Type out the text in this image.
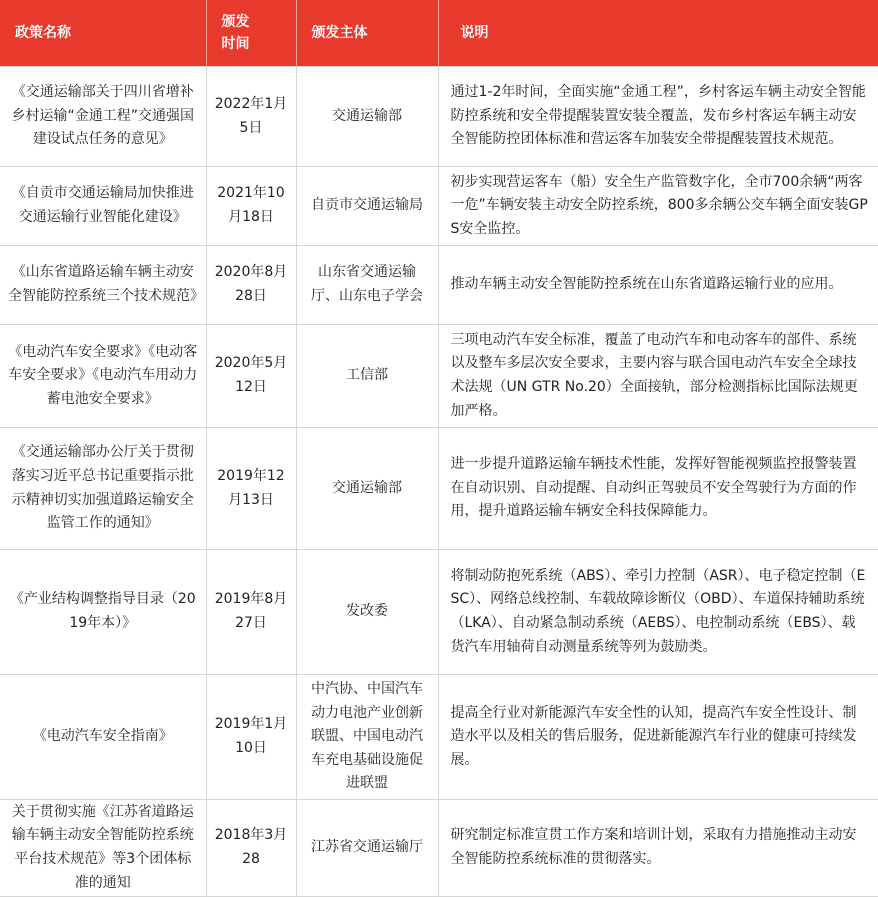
政策名称	颁发时间	颁发主体	说明
《交通运输部关于四川省增补乡村运输“金通工程”交通强国建设试点任务的意见》	2022年1月5日	交通运输部	通过1-2年时间，全面实施“金通工程”，乡村客运车辆主动安全智能防控系统和安全带提醒装置安装全覆盖，发布乡村客运车辆主动安全智能防控团体标准和营运客车加装安全带提醒装置技术规范。
《自贡市交通运输局加快推进交通运输行业智能化建设》	2021年10月18日	自贡市交通运输局	初步实现营运客车（船）安全生产监管数字化，全市700余辆“两客一危”车辆安装主动安全防控系统，800多余辆公交车辆全面安装GPS安全监控。
《山东省道路运输车辆主动安全智能防控系统三个技术规范》	2020年8月28日	山东省交通运输厅、山东电子学会	推动车辆主动安全智能防控系统在山东省道路运输行业的应用。
《电动汽车安全要求》《电动客车安全要求》《电动汽车用动力蓄电池安全要求》	2020年5月12日	工信部	三项电动汽车安全标准，覆盖了电动汽车和电动客车的部件、系统以及整车多层次安全要求，主要内容与联合国电动汽车安全全球技术法规（UN GTR No.20）全面接轨，部分检测指标比国际法规更加严格。
《交通运输部办公厅关于贯彻落实习近平总书记重要指示批示精神切实加强道路运输安全监管工作的通知》	2019年12月13日	交通运输部	进一步提升道路运输车辆技术性能，发挥好智能视频监控报警装置在自动识别、自动提醒、自动纠正驾驶员不安全驾驶行为方面的作用，提升道路运输车辆安全科技保障能力。
《产业结构调整指导目录（2019年本）》	2019年8月27日	发改委	将制动防抱死系统（ABS）、牵引力控制（ASR）、电子稳定控制（ESC）、网络总线控制、车载故障诊断仪（OBD）、车道保持辅助系统（LKA）、自动紧急制动系统（AEBS）、电控制动系统（EBS）、载货汽车用轴荷自动测量系统等列为鼓励类。
《电动汽车安全指南》	2019年1月10日	中汽协、中国汽车动力电池产业创新联盟、中国电动汽车充电基础设施促进联盟	提高全行业对新能源汽车安全性的认知，提高汽车安全性设计、制造水平以及相关的售后服务，促进新能源汽车行业的健康可持续发展。
关于贯彻实施《江苏省道路运输车辆主动安全智能防控系统平台技术规范》等3个团体标准的通知	2018年3月28	江苏省交通运输厅	研究制定标准宣贯工作方案和培训计划，采取有力措施推动主动安全智能防控系统标准的贯彻落实。
